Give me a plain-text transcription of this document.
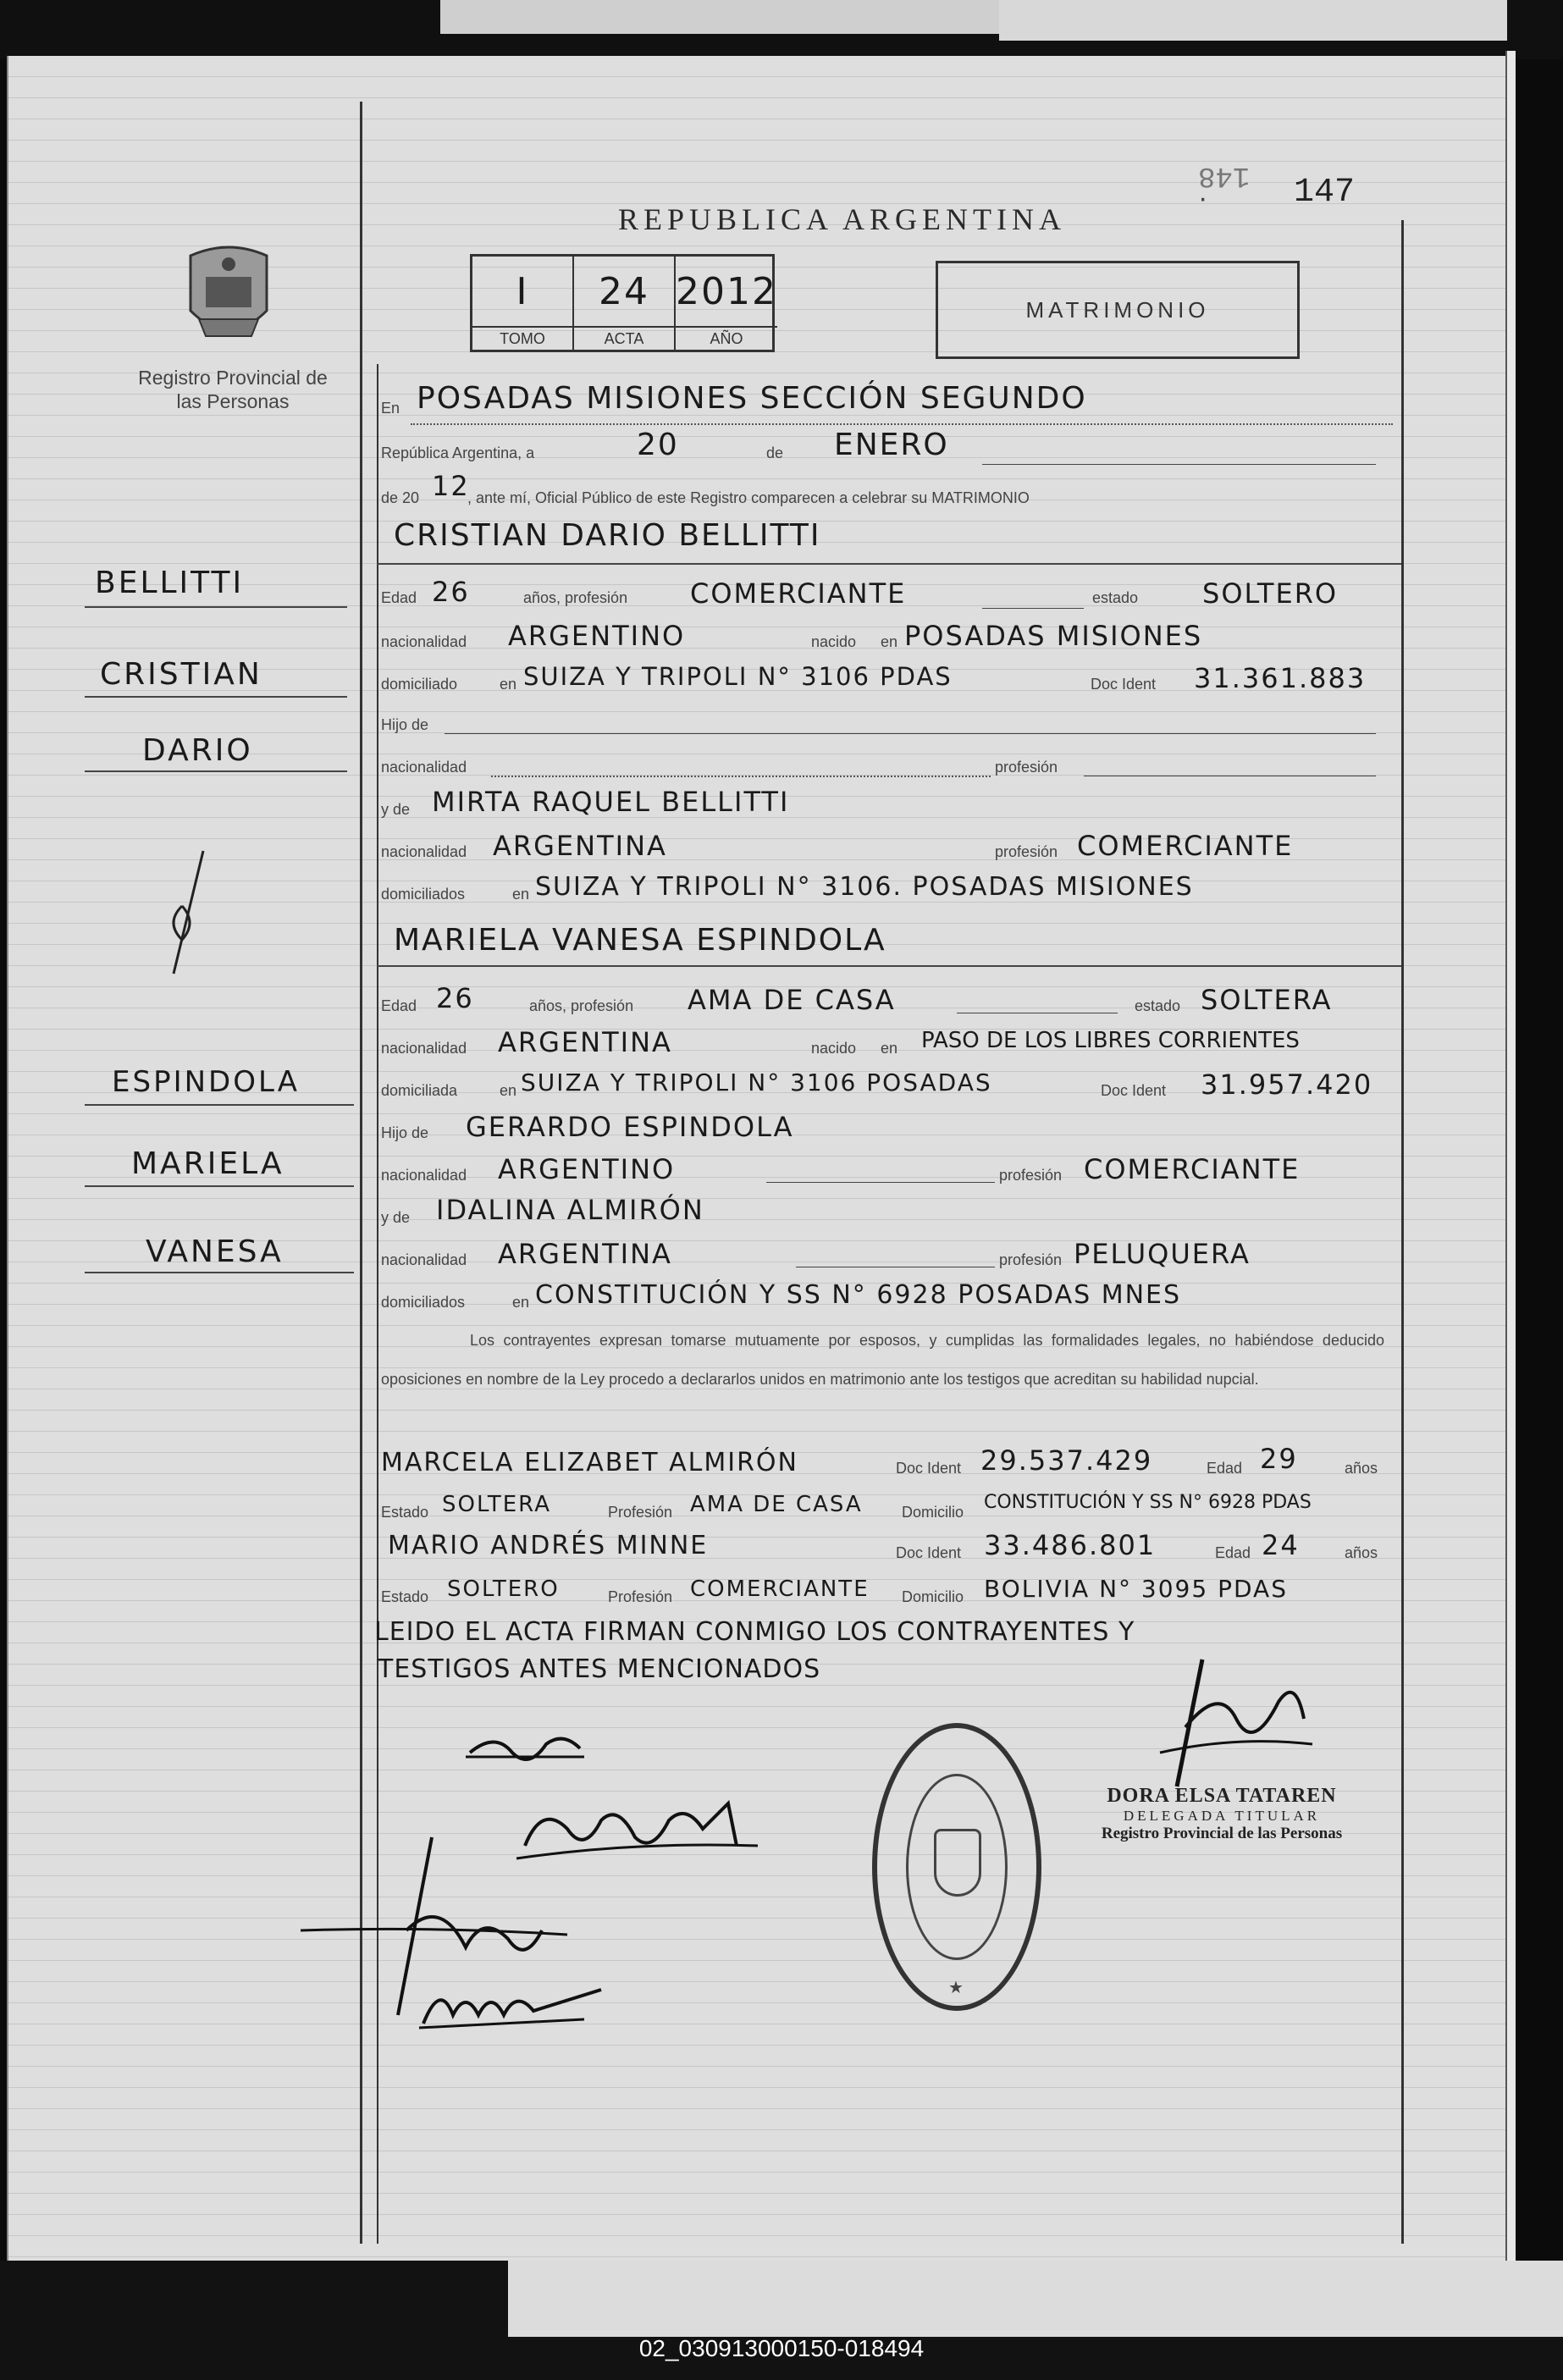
REPUBLICA ARGENTINA
148
·	147
I	24 2012
TOMO	ACTA	AÑO
MATRIMONIO
Registro Provincial de las Personas	En POSADAS MISIONES SECCIÓN SEGUNDO
República Argentina, a	20	de ENERO
de 20 12
, ante mí, Oficial Público de este Registro comparecen a celebrar su MATRIMONIO
CRISTIAN DARIO BELLITTI
Edad 26	años, profesión COMERCIANTE	estado SOLTERO
nacionalidad ARGENTINO	nacido en POSADAS MISIONES
domiciliado	en SUIZA Y TRIPOLI N° 3106 PDAS	Doc Ident 31.361.883
Hijo de
nacionalidad	profesión
y de MIRTA RAQUEL BELLITTI
nacionalidad ARGENTINA	profesión COMERCIANTE
domiciliados	en SUIZA Y TRIPOLI N° 3106. POSADAS MISIONES
MARIELA VANESA ESPINDOLA
Edad 26	años, profesión AMA DE CASA	estado SOLTERA
nacionalidad ARGENTINA	nacido en PASO DE LOS LIBRES CORRIENTES
domiciliada	en SUIZA Y TRIPOLI N° 3106 POSADAS	Doc Ident 31.957.420
Hijo de GERARDO ESPINDOLA
nacionalidad ARGENTINO	profesión COMERCIANTE
y de IDALINA ALMIRÓN
nacionalidad ARGENTINA	profesión PELUQUERA
domiciliados	en CONSTITUCIÓN Y SS N° 6928 POSADAS MNES
Los contrayentes expresan tomarse mutuamente por esposos, y cumplidas las formalidades legales, no habiéndose deducido oposiciones en nombre de la Ley procedo a declararlos unidos en matrimonio ante los testigos que acreditan su habilidad nupcial.
MARCELA ELIZABET ALMIRÓN	Doc Ident 29.537.429	Edad 29	años
Estado SOLTERA	Profesión AMA DE CASA	Domicilio CONSTITUCIÓN Y SS N° 6928 PDAS
MARIO ANDRÉS MINNE	Doc Ident 33.486.801	Edad 24	años
Estado SOLTERO	Profesión COMERCIANTE Domicilio BOLIVIA N° 3095 PDAS
LEIDO EL ACTA FIRMAN CONMIGO LOS CONTRAYENTES Y
TESTIGOS ANTES MENCIONADOS
BELLITTI
CRISTIAN
DARIO
ESPINDOLA
MARIELA
VANESA
★
DORA ELSA TATAREN
DELEGADA TITULAR
Registro Provincial de las Personas
02_030913000150-018494
